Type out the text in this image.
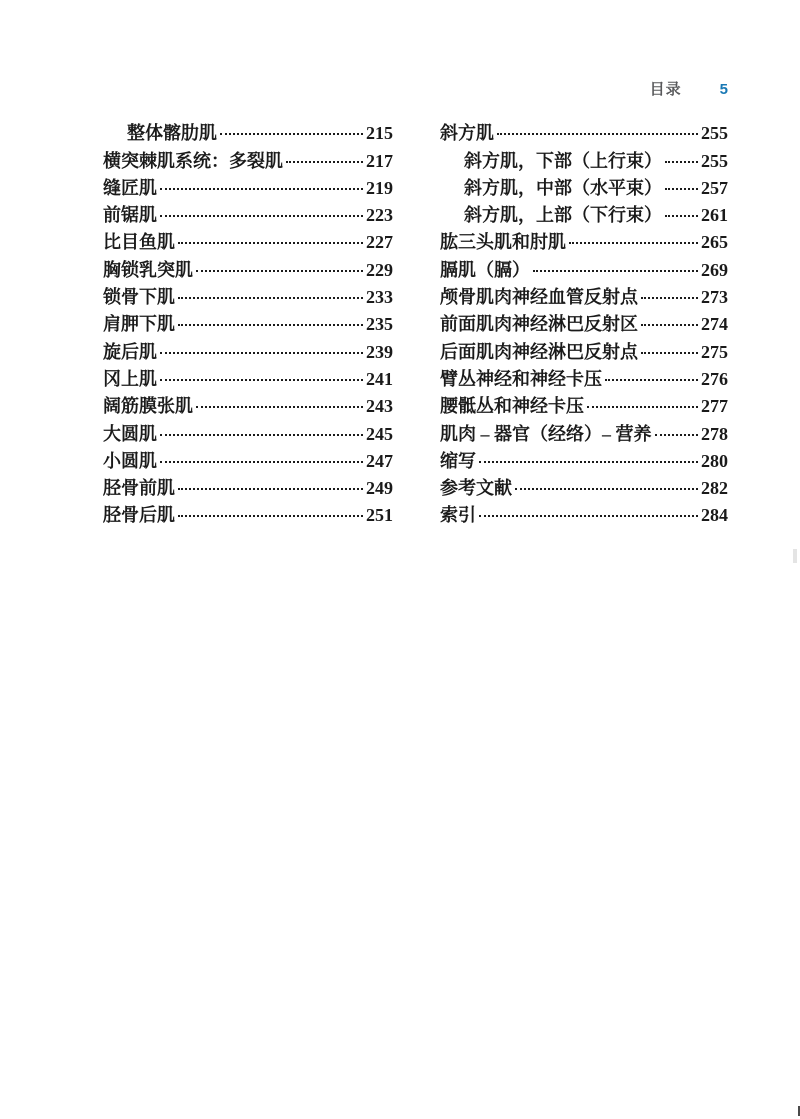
目录	5
整体髂肋肌	215
横突棘肌系统：多裂肌	217
缝匠肌	219
前锯肌	223
比目鱼肌	227
胸锁乳突肌	229
锁骨下肌	233
肩胛下肌	235
旋后肌	239
冈上肌	241
阔筋膜张肌	243
大圆肌	245
小圆肌	247
胫骨前肌	249
胫骨后肌	251
斜方肌	255
斜方肌，下部（上行束） 255
斜方肌，中部（水平束） 257
斜方肌，上部（下行束） 261
肱三头肌和肘肌	265
膈肌（膈）	269
颅骨肌肉神经血管反射点	273
前面肌肉神经淋巴反射区	274
后面肌肉神经淋巴反射点	275
臂丛神经和神经卡压	276
腰骶丛和神经卡压	277
肌肉 – 器官（经络）– 营养	278
缩写	280
参考文献	282
索引	284
